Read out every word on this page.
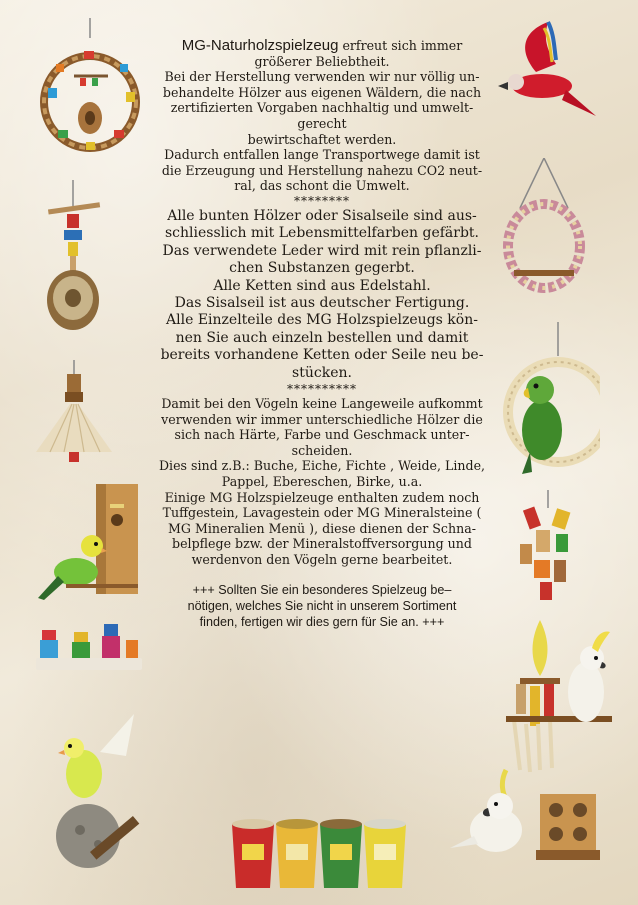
MG-Naturholzspielzeug erfreut sich immer

größerer Beliebtheit.

Bei der Herstellung verwenden wir nur völlig un-

behandelte Hölzer aus eigenen Wäldern, die nach

zertifizierten Vorgaben nachhaltig und umwelt-

gerecht

bewirtschaftet werden.

Dadurch entfallen lange Transportwege damit ist

die Erzeugung und Herstellung nahezu CO2 neut-

ral, das schont die Umwelt.

********

Alle bunten Hölzer oder Sisalseile sind aus-

schliesslich mit Lebensmittelfarben gefärbt.

Das verwendete Leder wird mit rein pflanzli-

chen Substanzen gegerbt.

Alle Ketten sind aus Edelstahl.

Das Sisalseil ist aus deutscher Fertigung.

Alle Einzelteile des MG Holzspielzeugs kön-

nen Sie auch einzeln bestellen und damit

bereits vorhandene Ketten oder Seile neu be-

stücken.

**********

Damit bei den Vögeln keine Langeweile aufkommt

verwenden wir immer unterschiedliche Hölzer die

sich nach Härte, Farbe und Geschmack unter-

scheiden.

Dies sind z.B.: Buche, Eiche, Fichte , Weide, Linde,

Pappel, Ebereschen, Birke, u.a.

Einige MG Holzspielzeuge enthalten zudem noch

Tuffgestein, Lavagestein oder MG Mineralsteine (

MG Mineralien Menü ), diese dienen der Schna-

belpflege bzw. der Mineralstoffversorgung und

werdenvon den Vögeln gerne bearbeitet.

+++ Sollten Sie ein besonderes Spielzeug be–

nötigen, welches Sie nicht in unserem Sortiment

finden, fertigen wir dies gern für Sie an. +++
